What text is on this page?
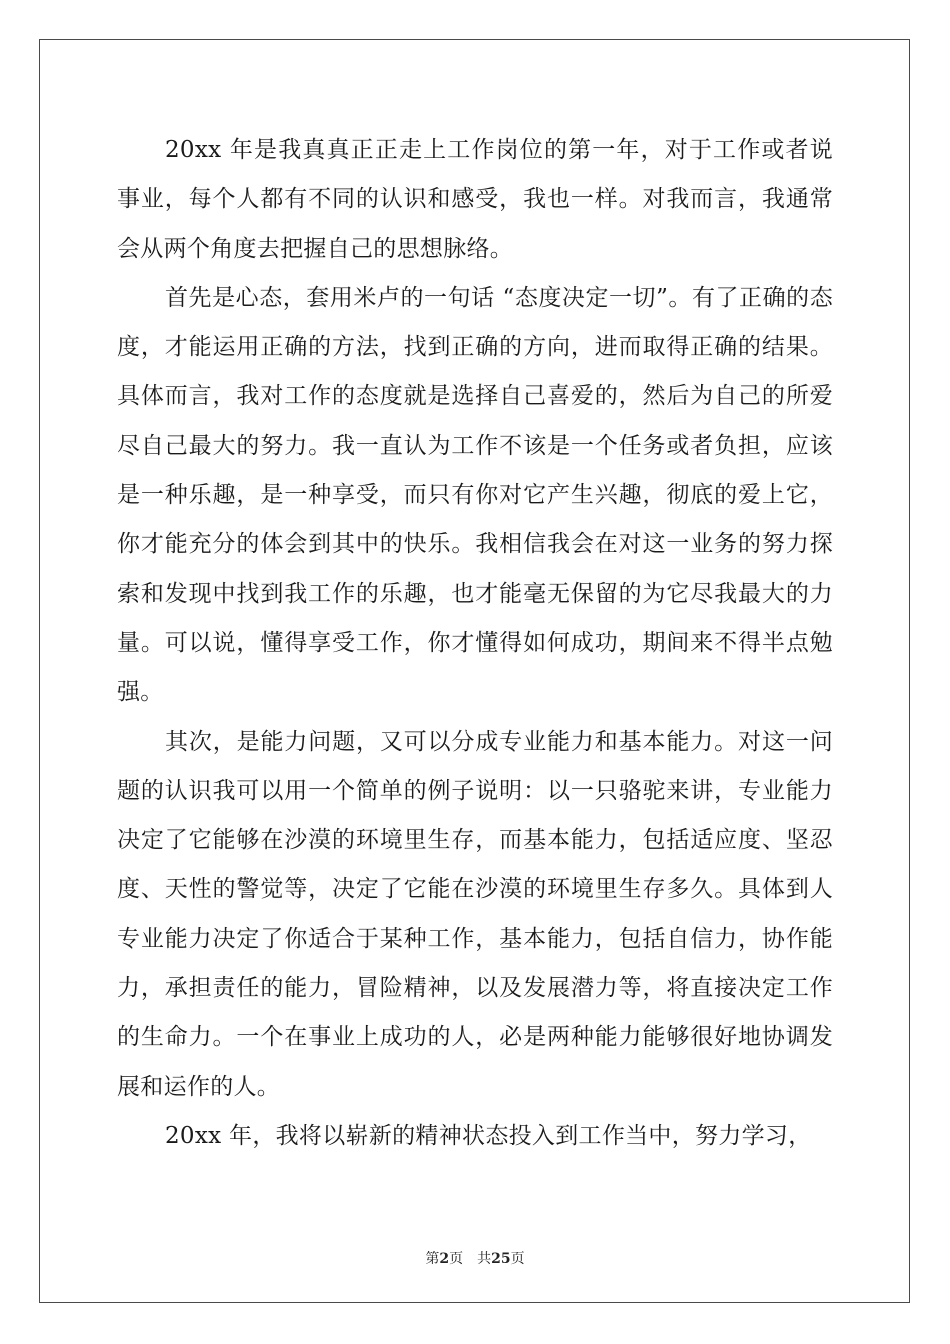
20xx 年是我真真正正走上工作岗位的第一年，对于工作或者说事业，每个人都有不同的认识和感受，我也一样。对我而言，我通常会从两个角度去把握自己的思想脉络。

首先是心态，套用米卢的一句话 “态度决定一切”。有了正确的态度，才能运用正确的方法，找到正确的方向，进而取得正确的结果。具体而言，我对工作的态度就是选择自己喜爱的，然后为自己的所爱尽自己最大的努力。我一直认为工作不该是一个任务或者负担，应该是一种乐趣，是一种享受，而只有你对它产生兴趣，彻底的爱上它，你才能充分的体会到其中的快乐。我相信我会在对这一业务的努力探索和发现中找到我工作的乐趣，也才能毫无保留的为它尽我最大的力量。可以说，懂得享受工作，你才懂得如何成功，期间来不得半点勉强。

其次，是能力问题，又可以分成专业能力和基本能力。对这一问题的认识我可以用一个简单的例子说明：以一只骆驼来讲，专业能力决定了它能够在沙漠的环境里生存，而基本能力，包括适应度、坚忍度、天性的警觉等，决定了它能在沙漠的环境里生存多久。具体到人专业能力决定了你适合于某种工作，基本能力，包括自信力，协作能力，承担责任的能力，冒险精神，以及发展潜力等，将直接决定工作的生命力。一个在事业上成功的人，必是两种能力能够很好地协调发展和运作的人。

20xx 年，我将以崭新的精神状态投入到工作当中，努力学习，

第2页 共25页
